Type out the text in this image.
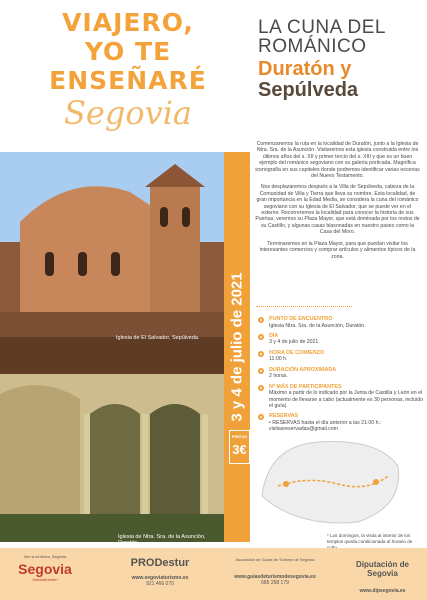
VIAJERO,
YO TE
ENSEÑARÉ
Segovia
LA CUNA DEL
ROMÁNICO
Duratón y
Sepúlveda
Iglesia de El Salvador, Sepúlveda.
Iglesia de Ntra. Sra. de la Asunción, Duratón.
3 y 4 de julio de 2021
PRECIO
3€

Comenzaremos la ruta en la localidad de Duratón, junto a la Iglesia de Ntra. Sra. de la Asunción. Visitaremos esta iglesia construida entre los últimos años del s. XII y primer tercio del s. XIII y que es un buen ejemplo del románico segoviano con su galería porticada. Magnífica iconografía en sus capiteles donde podremos identificar varias escenas del Nuevo Testamento.

Nos desplazaremos después a la Villa de Sepúlveda, cabeza de la Comunidad de Villa y Tierra que lleva su nombre. Esta localidad, de gran importancia en la Edad Media, se considera la cuna del románico segoviano con su Iglesia de El Salvador, que se puede ver en el exterior. Recorreremos la localidad para conocer la historia de sus Puertas, veremos su Plaza Mayor, que está dominada por los restos de su Castillo, y algunas casas blasonadas en nuestro paseo como la Casa del Moro.

Terminaremos en la Plaza Mayor, para que puedan visitar los interesantes comercios y comprar artículos y alimentos típicos de la zona.

PUNTO DE ENCUENTRO
Iglesia Ntra. Sra. de la Asunción, Duratón.
DÍA
3 y 4 de julio de 2021.
HORA DE COMIENZO
11:00 h.
DURACIÓN APROXIMADA
2 horas.
Nº MÁX DE PARTICIPANTES
Máximo a partir de lo indicado por la Junta de Castilla y León en el momento de llevarse a cabo (actualmente es 30 personas, incluido el guía).
RESERVAS
• RESERVAS hasta el día anterior a las 21:00 h.: visitasreservadas@gmail.com
* Los domingos, la visita al interior de los templos queda condicionada al horario de
Ven a mi tierra, Segovia
Segovia
Naturalmente!
PRODestur
www.segoviaturismo.es
921 466 070
Asociación de Guías de Turismo de Segovia
www.guiasdeturismodesegovia.es
685 258 179
Diputación de Segovia
www.dipsegovia.es
